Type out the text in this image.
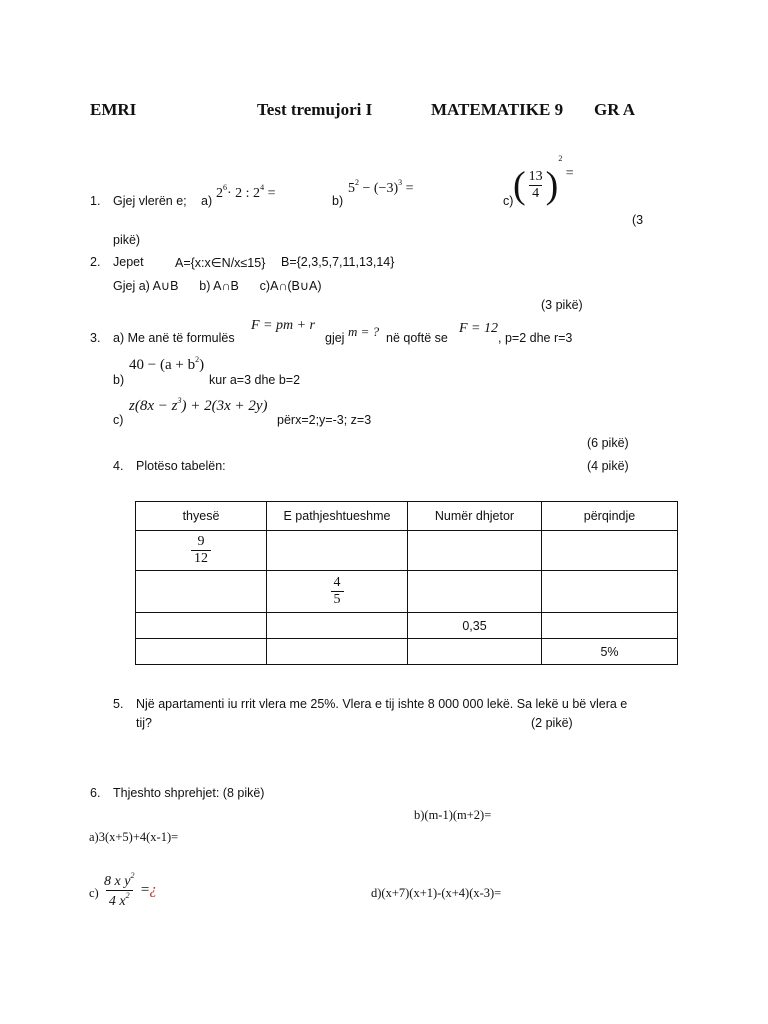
EMRI	Test tremujori I	MATEMATIKE 9 GR A
1. Gjej vlerën e; a) $2^6\cdot 2$ : $2^4$ =	b)
$5^2 - (-3)^3$ =
c) ( $\frac{13}{4} )^2$ =
(3
pikë)
2. Jepet	A={x:x∈N/x≤15} B={2,3,5,7,11,13,14}
Gjej a) A∪B      b) A∩B      c)A∩(B∪A)
(3 pikë)
3. a) Me anë të formulës
F = pm + r
gjej m = ? në qoftë se
F = 12
, p=2 dhe r=3
b)
$40 - (a + b^2)$
kur a=3 dhe b=2
c)
$z(8x - z^3) + 2(3x + 2y)$
përx=2;y=-3; z=3
(6 pikë)
4. Plotëso tabelën:	(4 pikë)
thyesë	E pathjeshtueshme	Numër dhjetor	përqindje

$\frac{9}{12}$

	$\frac{4}{5}$

		0,35	
			5%
5. Një apartamenti iu rrit vlera me 25%. Vlera e tij ishte 8 000 000 lekë. Sa lekë u bë vlera e
tij?	(2 pikë)
6. Thjeshto shprehjet: (8 pikë)
b)(m-1)(m+2)=
a)3(x+5)+4(x-1)=
$c) \frac{8 x y^2}{4 x^2}$ =¿	d)(x+7)(x+1)-(x+4)(x-3)=
